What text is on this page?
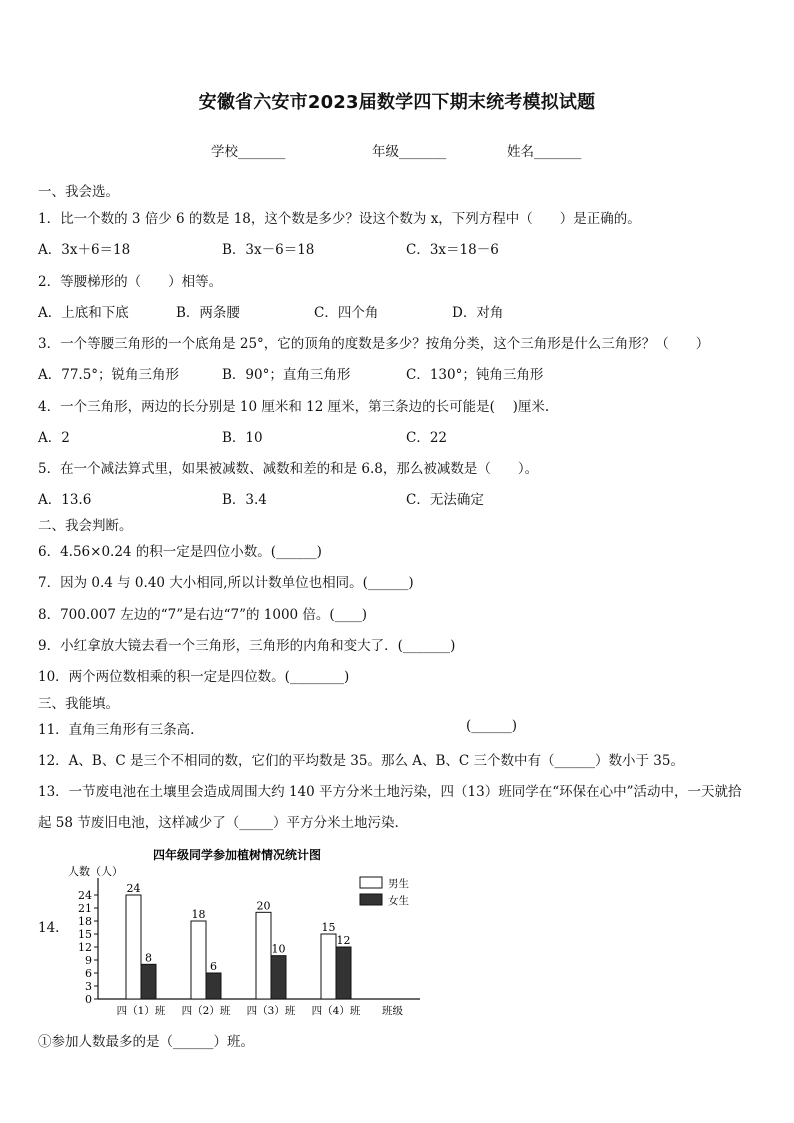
安徽省六安市2023届数学四下期末统考模拟试题
学校_______	年级_______	姓名_______
一、我会选。
1．比一个数的 3 倍少 6 的数是 18，这个数是多少？设这个数为 x，下列方程中（　　）是正确的。
A．3x＋6＝18	B．3x－6＝18	C．3x＝18－6
2．等腰梯形的（　　）相等。
A．上底和下底	B．两条腰	C．四个角	D．对角
3．一个等腰三角形的一个底角是 25°，它的顶角的度数是多少？按角分类，这个三角形是什么三角形？（　　）
A．77.5°；锐角三角形	B．90°；直角三角形	C．130°；钝角三角形
4．一个三角形，两边的长分别是 10 厘米和 12 厘米，第三条边的长可能是(　 )厘米.
A．2	B．10	C．22
5．在一个减法算式里，如果被减数、减数和差的和是 6.8，那么被减数是（　　）。
A．13.6	B．3.4	C．无法确定
二、我会判断。
6．4.56×0.24 的积一定是四位小数。(______)
7．因为 0.4 与 0.40 大小相同,所以计数单位也相同。(______)
8．700.007 左边的“7”是右边“7”的 1000 倍。(____)
9．小红拿放大镜去看一个三角形，三角形的内角和变大了．(_______)
10．两个两位数相乘的积一定是四位数。(________)
三、我能填。
11．直角三角形有三条高.	(______)
12．A、B、C 是三个不相同的数，它们的平均数是 35。那么 A、B、C 三个数中有（______）数小于 35。
13．一节废电池在土壤里会造成周围大约 140 平方分米土地污染，四（13）班同学在“环保在心中”活动中，一天就拾
起 58 节废旧电池，这样减少了（_____）平方分米土地污染.
14.
四年级同学参加植树情况统计图
人数（人）
班级
0
3
6
9
12
15
18
21
24
24
8
18
6
20
10
15
12
四（1）班 四（2）班 四（3）班 四（4）班
男生
女生
①参加人数最多的是（______）班。
